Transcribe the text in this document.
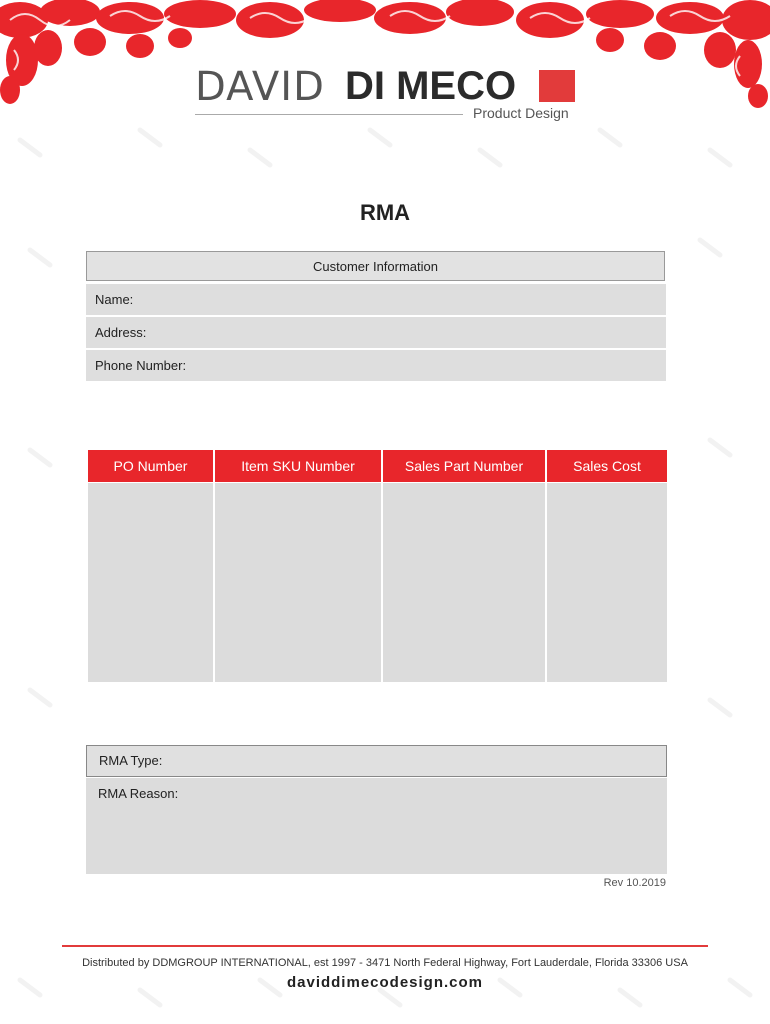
DAVID DI MECO
Product Design
RMA
Customer Information
Name:
Address:
Phone Number:
PO Number	Item SKU Number	Sales Part Number	Sales Cost
RMA Type:
RMA Reason:
Rev 10.2019
Distributed by DDMGROUP INTERNATIONAL, est 1997 - 3471 North Federal Highway, Fort Lauderdale, Florida 33306 USA
daviddimecodesign.com
